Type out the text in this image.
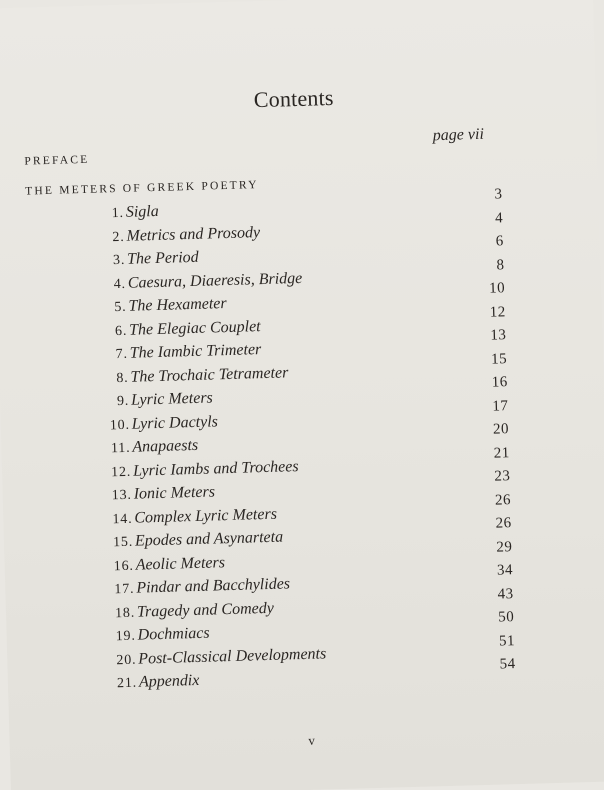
Contents
page vii
PREFACE
THE METERS OF GREEK POETRY
1. Sigla
3
2. Metrics and Prosody
4
3. The Period
6
4. Caesura, Diaeresis, Bridge
8
5. The Hexameter
10
6. The Elegiac Couplet
12
7. The Iambic Trimeter
13
8. The Trochaic Tetrameter
15
9. Lyric Meters
16
10. Lyric Dactyls
17
11. Anapaests
20
12. Lyric Iambs and Trochees
21
13. Ionic Meters
23
14. Complex Lyric Meters
26
15. Epodes and Asynarteta
26
16. Aeolic Meters
29
17. Pindar and Bacchylides
34
18. Tragedy and Comedy
43
19. Dochmiacs
50
20. Post-Classical Developments
51
21. Appendix
54
v
